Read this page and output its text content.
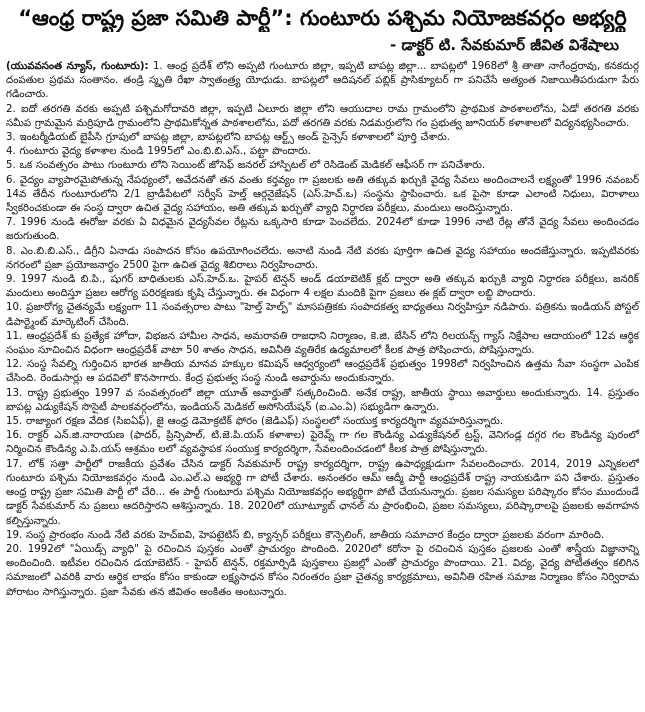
“ఆంధ్ర రాష్ట్ర ప్రజా సమితి పార్టీ”: గుంటూరు పశ్చిమ నియోజకవర్గం అభ్యర్థి
- డాక్టర్ టి. సేవకుమార్ జీవిత విశేషాలు

(యువవసంత న్యూస్, గుంటూరు): 1. ఆంధ్ర ప్రదేశ్ లోని అప్పటి గుంటూరు జిల్లా, ఇప్పటి బాపట్ల జిల్లా... బాపట్లలో 1968లో శ్రీ తాతా నాగేంద్రరావు, కనకదుర్గ దంపతుల ప్రథమ సంతానం. తండ్రి స్మృతి రేఖా స్వాతంత్ర్య యోధుడు. బాపట్లలో ఆదిషనల్ పబ్లిక్ ప్రాసిక్యూటర్ గా పనిచేసే అత్యంత నిజాయితీపరుడుగా పేరు గడించారు.

2. ఐదో తరగతి వరకు అప్పటి పశ్చిమగోదావరి జిల్లా, ఇప్పటి ఏలూరు జిల్లా లోని ఆయుదాల రామ గ్రామంలోని ప్రాథమిక పాఠశాలలోను, ఏడో తరగతి వరకు సమీప గ్రామమైన మర్రిపూడి గ్రామంలోని ప్రాథమికోన్నత పాఠశాలలోను, పదో తరగతి వరకు నిడమర్రులోని గం ప్రభుత్వ జూనియర్ కళాశాలలో విద్యనభ్యసించారు.

3. ఇంటర్మీడియట్ బైపీసి గ్రూపులో బాపట్ల జిల్లా, బాపట్లలోని బాపట్ల ఆర్ట్స్ అండ్ సైన్సెస్ కళాశాలలో పూర్తి చేశారు.

4. గుంటూరు వైద్య కళాశాల నుండి 1995లో ఎం.బి.బి.ఎస్., పట్టా పొందారు.

5. ఒక సంవత్సరం పాటు గుంటూరు లోని సెయింట్ జోసెఫ్ జనరల్ హాస్పిటల్ లో రెసిడెంట్ మెడికల్ ఆఫీసర్ గా పనిచేశారు.

6. వైద్యం వ్యాపారమైపోతున్న నేపథ్యంలో, అవేదనతో తన వంతు కర్తవ్యం గా ప్రజలకు అతి తక్కువ ఖర్చుకి వైద్య సేవలు అందించాలనే లక్ష్యంతో 1996 నవంబర్ 14వ తేదీన గుంటూరులోని 2/1 బ్రాడీపేటలో సర్వీస్ హెల్త్ ఆర్గనైజేషన్ (ఎస్.హెచ్.ఒ) సంస్థను స్థాపించారు. ఒక పైసా కూడా ఎలాంటి నిధులు, విరాళాలు స్వీకరించకుండా ఈ సంస్థ ద్వారా ఉచిత వైద్య సహాయం, అతి తక్కువ ఖర్చుతో వ్యాధి నిర్ధారణ పరీక్షలు, మందులు అందిస్తున్నారు.

7. 1996 నుండి ఈరోజు వరకు ఏ విధమైన వైద్యసేవల రేట్లను ఒక్కసారి కూడా పెంచలేదు. 2024లో కూడా 1996 నాటి రేట్ల తోనే వైద్య సేవలు అందించడం జరుగుతుంది.

8. ఎం.బి.బి.ఎస్., డిగ్రీని ఏనాడు సంపాదన కోసం ఉపయోగించలేదు. అనాటి నుండి నేటి వరకు పూర్తిగా ఉచిత వైద్య సహాయం అందజేస్తున్నారు. ఇప్పటివరకు నగరంలో ప్రజా ప్రయోజనార్థం 2500 పైగా ఉచిత వైద్య శిబిరాలు నిర్వహించారు.

9. 1997 నుండి బి.పి., షుగర్ బాధితులకు ఎస్.హెచ్.ఒ. హైపర్ టెన్షన్ అండ్ డయాబెటిక్ క్లబ్ ద్వారా అతి తక్కువ ఖర్చుకి వ్యాధి నిర్ధారణ పరీక్షలు, జనరిక్ మందులు అందిస్తూ ప్రజల ఆరోగ్య పరిరక్షణకు కృషి చేస్తున్నారు. ఈ విధంగా 4 లక్షల మందికి పైగా ప్రజలు ఈ క్లబ్ ద్వారా లబ్ధి పొందారు.

10. ప్రజారోగ్య చైతన్యమే లక్ష్యంగా 11 సంవత్సరాల పాటు "హెల్త్ హెల్ప్" మాసపత్రికకు సంపాదకత్వ బాధ్యతలు నిర్వహిస్తూ నడిపారు. పత్రికను ఇండియన్ పోస్టల్ డిపార్ట్మెంట్ మార్కెటింగ్ చేసింది.

11. ఆంధ్రప్రదేశ్ కు ప్రత్యేక హోదా, విభజన హామీల సాధన, అమరావతి రాజధాని నిర్మాణం, కె.జి. బేసిన్ లోని రిలయన్స్ గ్యాస్ నిక్షేపాల ఆదాయంలో 12వ ఆర్థిక సంఘం సూచించిన విధంగా ఆంధ్రప్రదేశ్ వాటా 50 శాతం సాధన, అవినీతి వ్యతిరేక ఉద్యమాలలో కీలక పాత్ర పోషించారు, పోషిస్తున్నారు.

12. సంస్థ సేవల్ని గుర్తించిన భారత జాతీయ మానవ హక్కుల కమిషన్ ఆధ్వర్యంలో ఆంధ్రప్రదేశ్ ప్రభుత్వం 1998లో నిర్వహించిన ఉత్తమ సేవా సంస్థగా ఎంపిక చేసింది. రెండుసార్లు ఆ పదవిలో కొనసాగారు. కేంద్ర ప్రభుత్వ సంస్థ నుండి అవార్డును అందుకున్నారు.

13. రాష్ట్ర ప్రభుత్వం 1997 వ సంవత్సరంలో జిల్లా యూత్ అవార్డుతో సత్కరించింది. అనేక రాష్ట్ర, జాతీయ స్థాయి అవార్డులు అందుకున్నారు. 14. ప్రస్తుతం బాపట్ల ఎడ్యుకేషన్ సొసైటీ పాలకవర్గంలోను, ఇండియన్ మెడికల్ అసోసియేషన్ (ఐ.ఎం.ఏ) సభ్యుడిగా ఉన్నారు.

15. రాజ్యాంగ రక్షణ వేదిక (సిఐఏఫ్), జై ఆంధ్ర డెమోక్రటిక్ ఫోరం (జెడిఎఫ్) సంస్థలలో సంయుక్త కార్యదర్శిగా వ్యవహరిస్తున్నారు.

16. రాక్టర్ ఎన్.జి.నారాయణ (ఫాదర్, ప్రిన్సిపాల్, టి.జె.పి.యస్ కళాశాల) పైరెవ్న్ గా గల కౌండిన్య ఎడ్యుకేషనల్ ట్రస్ట్, వెనిగండ్ల దగ్గర గల కౌండిన్య పురంలో నిర్మించిన కౌండిన్య ఎ.పి.యస్ ఆశ్రమం లలో వ్యవస్థాపక సంయుక్త కార్యదర్శిగా, సేవలందించడంలో కీలక పాత్ర పోషిస్తున్నారు.

17. లోక్ సత్తా పార్టీలో రాజకీయ ప్రవేశం చేసిన డాక్టర్ సేవకుమార్ రాష్ట్ర కార్యదర్శిగా, రాష్ట్ర ఉపాధ్యక్షుడుగా సేవలందించారు. 2014, 2019 ఎన్నికలలో గుంటూరు పశ్చిమ నియోజకవర్గం నుండి ఎం.ఎల్.ఎ అభ్యర్థి గా పోటీ చేశారు. అనంతరం ఆమ్ ఆద్మీ పార్టీ ఆంధ్రప్రదేశ్ రాష్ట్ర నాయకుడిగా పని చేశారు. ప్రస్తుతం ఆంధ్ర రాష్ట్ర ప్రజా సమితి పార్టీ లో చేరి... ఈ పార్టీ గుంటూరు పశ్చిమ నియోజకవర్గం అభ్యర్థిగా పోటీ చేయనున్నారు. ప్రజల సమస్యల పరిష్కారం కోసం ముందుండే డాక్టర్ సేవకుమార్ ను ప్రజలు ఆదరిస్తారని ఆశిస్తున్నారు. 18. 2020లో యూట్యూబ్ ఛానల్ ను ప్రారంభించి, ప్రజల సమస్యలు, పరిష్కారాలపై ప్రజలకు అవగాహన కల్పిస్తున్నారు.

19. సంస్థ ప్రారంభం నుండి నేటి వరకు హెచ్ఐవి, హెపటైటిస్ బి, క్యాన్సర్ పరీక్షలు కౌన్సెలింగ్, జాతీయ సమాచార కేంద్రం ద్వారా ప్రజలకు వరంగా మారింది.

20. 1992లో "ఏయిడ్స్ వ్యాధి" పై రచించిన పుస్తకం ఎంతో ప్రాచుర్యం పొందింది. 2020లో కరోనా పై రచించిన పుస్తకం ప్రజలకు ఎంతో శాస్త్రీయ విజ్ఞానాన్ని అందించింది. ఇటీవల రచించిన డయాబెటిస్ - హైపర్ టెన్షన్, రక్తమార్పిడి పుస్తకాలు ప్రజల్లో ఎంతో ప్రాచుర్యం పొందాయి. 21. విద్య, వైద్య పోటీతత్వం కలిగిన సమాజంలో ఎవరికి వారు ఆర్థిక లాభం కోసం కాకుండా లక్ష్యసాధన కోసం నిరంతరం ప్రజా చైతన్య కార్యక్రమాలు, అవినీతి రహిత సమాజ నిర్మాణం కోసం నిర్విరామ పోరాటం సాగిస్తున్నారు. ప్రజా సేవకు తన జీవితం అంకితం అంటున్నారు.
